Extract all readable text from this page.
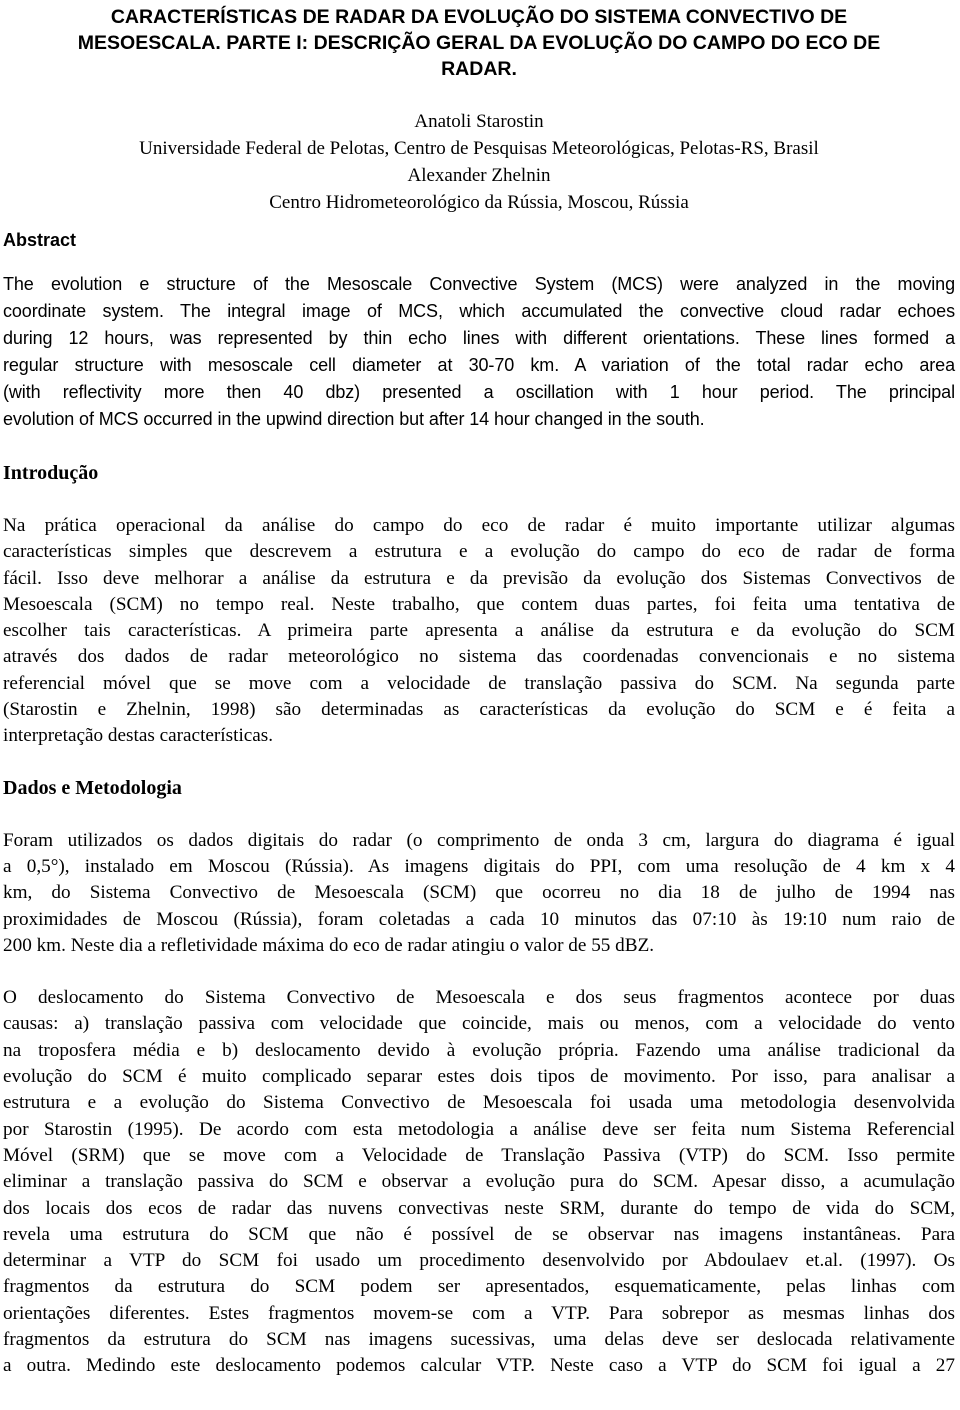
CARACTERÍSTICAS DE RADAR DA EVOLUÇÃO DO SISTEMA CONVECTIVO DE
MESOESCALA. PARTE I: DESCRIÇÃO GERAL DA EVOLUÇÃO DO CAMPO DO ECO DE
RADAR.
Anatoli Starostin
Universidade Federal de Pelotas, Centro de Pesquisas Meteorológicas, Pelotas-RS, Brasil
Alexander Zhelnin
Centro Hidrometeorológico da Rússia, Moscou, Rússia
Abstract
The evolution e structure of the Mesoscale Convective System (MCS) were analyzed in the moving
coordinate system. The integral image of MCS, which accumulated the convective cloud radar echoes
during 12 hours, was represented by thin echo lines with different orientations. These lines formed a
regular structure with mesoscale cell diameter at 30-70 km. A variation of the total radar echo area
(with reflectivity more then 40 dbz) presented a oscillation with 1 hour period. The principal
evolution of MCS occurred in the upwind direction but after 14 hour changed in the south.
Introdução
Na prática operacional da análise do campo do eco de radar é muito importante utilizar algumas
características simples que descrevem a estrutura e a evolução do campo do eco de radar de forma
fácil. Isso deve melhorar a análise da estrutura e da previsão da evolução dos Sistemas Convectivos de
Mesoescala (SCM) no tempo real. Neste trabalho, que contem duas partes, foi feita uma tentativa de
escolher tais características. A primeira parte apresenta a análise da estrutura e da evolução do SCM
através dos dados de radar meteorológico no sistema das coordenadas convencionais e no sistema
referencial móvel que se move com a velocidade de translação passiva do SCM. Na segunda parte
(Starostin e Zhelnin, 1998) são determinadas as características da evolução do SCM e é feita a
interpretação destas características.
Dados e Metodologia
Foram utilizados os dados digitais do radar (o comprimento de onda 3 cm, largura do diagrama é igual
a 0,5°), instalado em Moscou (Rússia). As imagens digitais do PPI, com uma resolução de 4 km x 4
km, do Sistema Convectivo de Mesoescala (SCM) que ocorreu no dia 18 de julho de 1994 nas
proximidades de Moscou (Rússia), foram coletadas a cada 10 minutos das 07:10 às 19:10 num raio de
200 km. Neste dia a refletividade máxima do eco de radar atingiu o valor de 55 dBZ.
O deslocamento do Sistema Convectivo de Mesoescala e dos seus fragmentos acontece por duas
causas: a) translação passiva com velocidade que coincide, mais ou menos, com a velocidade do vento
na troposfera média e b) deslocamento devido à evolução própria. Fazendo uma análise tradicional da
evolução do SCM é muito complicado separar estes dois tipos de movimento. Por isso, para analisar a
estrutura e a evolução do Sistema Convectivo de Mesoescala foi usada uma metodologia desenvolvida
por Starostin (1995). De acordo com esta metodologia a análise deve ser feita num Sistema Referencial
Móvel (SRM) que se move com a Velocidade de Translação Passiva (VTP) do SCM. Isso permite
eliminar a translação passiva do SCM e observar a evolução pura do SCM. Apesar disso, a acumulação
dos locais dos ecos de radar das nuvens convectivas neste SRM, durante do tempo de vida do SCM,
revela uma estrutura do SCM que não é possível de se observar nas imagens instantâneas. Para
determinar a VTP do SCM foi usado um procedimento desenvolvido por Abdoulaev et.al. (1997). Os
fragmentos da estrutura do SCM podem ser apresentados, esquematicamente, pelas linhas com
orientações diferentes. Estes fragmentos movem-se com a VTP. Para sobrepor as mesmas linhas dos
fragmentos da estrutura do SCM nas imagens sucessivas, uma delas deve ser deslocada relativamente
a outra. Medindo este deslocamento podemos calcular VTP. Neste caso a VTP do SCM foi igual a 27
